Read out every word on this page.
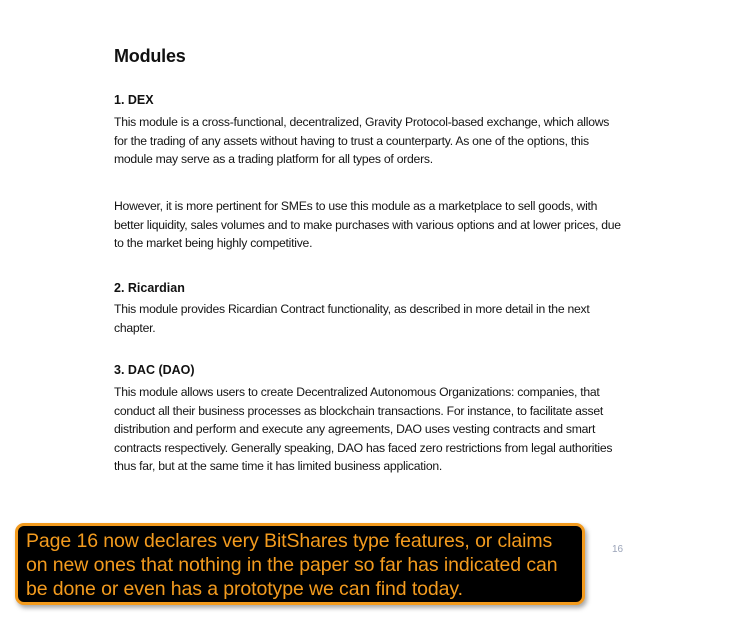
Modules
1. DEX

This module is a cross-functional, decentralized, Gravity Protocol-based exchange, which allows for the trading of any assets without having to trust a counterparty. As one of the options, this module may serve as a trading platform for all types of orders.

However, it is more pertinent for SMEs to use this module as a marketplace to sell goods, with better liquidity, sales volumes and to make purchases with various options and at lower prices, due to the market being highly competitive.

2. Ricardian

This module provides Ricardian Contract functionality, as described in more detail in the next chapter.

3. DAC (DAO)

This module allows users to create Decentralized Autonomous Organizations: companies, that conduct all their business processes as blockchain transactions. For instance, to facilitate asset distribution and perform and execute any agreements, DAO uses vesting contracts and smart contracts respectively. Generally speaking, DAO has faced zero restrictions from legal authorities thus far, but at the same time it has limited business application.

16

Page 16 now declares very BitShares type features, or claims on new ones that nothing in the paper so far has indicated can be done or even has a prototype we can find today.
